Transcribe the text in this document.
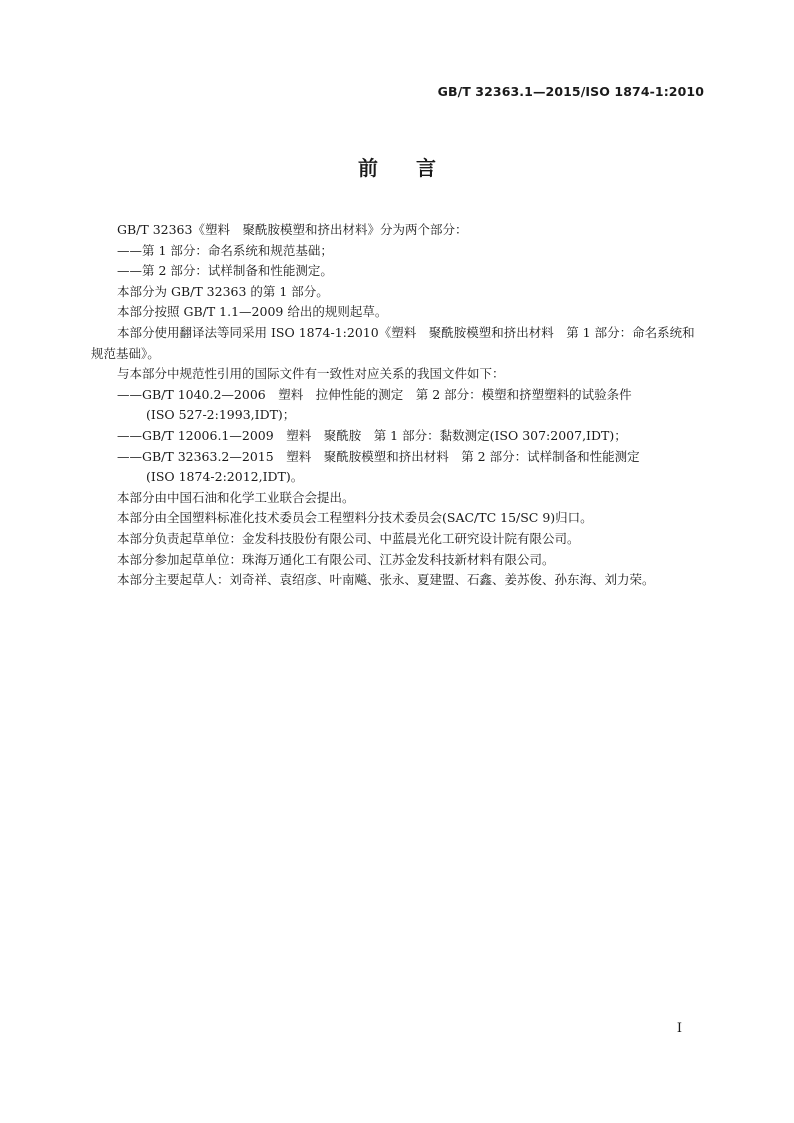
GB/T 32363.1—2015/ISO 1874-1:2010
前言

GB/T 32363《塑料　聚酰胺模塑和挤出材料》分为两个部分：

——第 1 部分：命名系统和规范基础；

——第 2 部分：试样制备和性能测定。

本部分为 GB/T 32363 的第 1 部分。

本部分按照 GB/T 1.1—2009 给出的规则起草。

本部分使用翻译法等同采用 ISO 1874-1:2010《塑料　聚酰胺模塑和挤出材料　第 1 部分：命名系统和规范基础》。

与本部分中规范性引用的国际文件有一致性对应关系的我国文件如下：

——GB/T 1040.2—2006　塑料　拉伸性能的测定　第 2 部分：模塑和挤塑塑料的试验条件
(ISO 527-2:1993,IDT)；

——GB/T 12006.1—2009　塑料　聚酰胺　第 1 部分：黏数测定(ISO 307:2007,IDT)；

——GB/T 32363.2—2015　塑料　聚酰胺模塑和挤出材料　第 2 部分：试样制备和性能测定
(ISO 1874-2:2012,IDT)。

本部分由中国石油和化学工业联合会提出。

本部分由全国塑料标准化技术委员会工程塑料分技术委员会(SAC/TC 15/SC 9)归口。

本部分负责起草单位：金发科技股份有限公司、中蓝晨光化工研究设计院有限公司。

本部分参加起草单位：珠海万通化工有限公司、江苏金发科技新材料有限公司。

本部分主要起草人：刘奇祥、袁绍彦、叶南飚、张永、夏建盟、石鑫、姜苏俊、孙东海、刘力荣。

I
